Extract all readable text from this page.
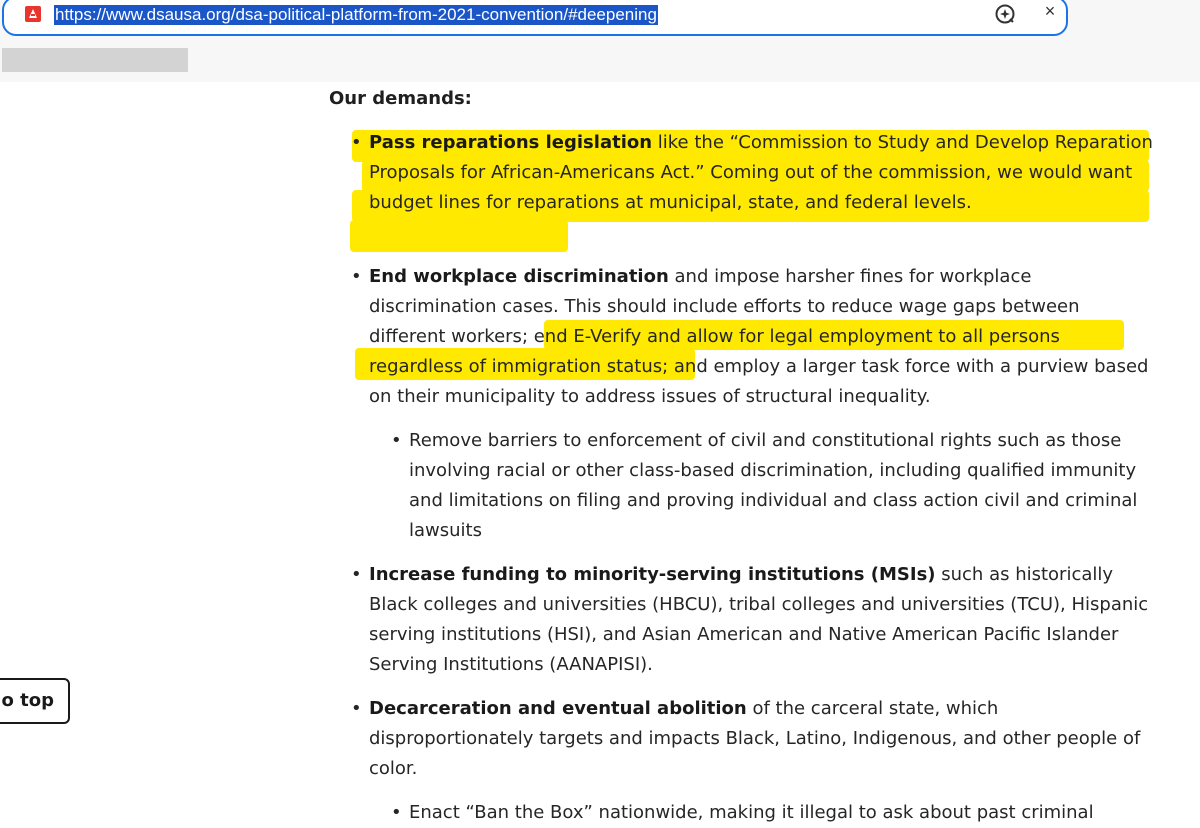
https://www.dsausa.org/dsa-political-platform-from-2021-convention/#deepening	×
Our demands:
• Pass reparations legislation like the “Commission to Study and Develop Reparation Proposals for African-Americans Act.” Coming out of the commission, we would want budget lines for reparations at municipal, state, and federal levels.
• End workplace discrimination and impose harsher fines for workplace discrimination cases. This should include efforts to reduce wage gaps between different workers; end E-Verify and allow for legal employment to all persons regardless of immigration status; and employ a larger task force with a purview based on their municipality to address issues of structural inequality.
• Remove barriers to enforcement of civil and constitutional rights such as those involving racial or other class-based discrimination, including qualified immunity and limitations on filing and proving individual and class action civil and criminal lawsuits
• Increase funding to minority-serving institutions (MSIs) such as historically Black colleges and universities (HBCU), tribal colleges and universities (TCU), Hispanic serving institutions (HSI), and Asian American and Native American Pacific Islander Serving Institutions (AANAPISI).
• Decarceration and eventual abolition of the carceral state, which disproportionately targets and impacts Black, Latino, Indigenous, and other people of color.
• Enact “Ban the Box” nationwide, making it illegal to ask about past criminal
o top
